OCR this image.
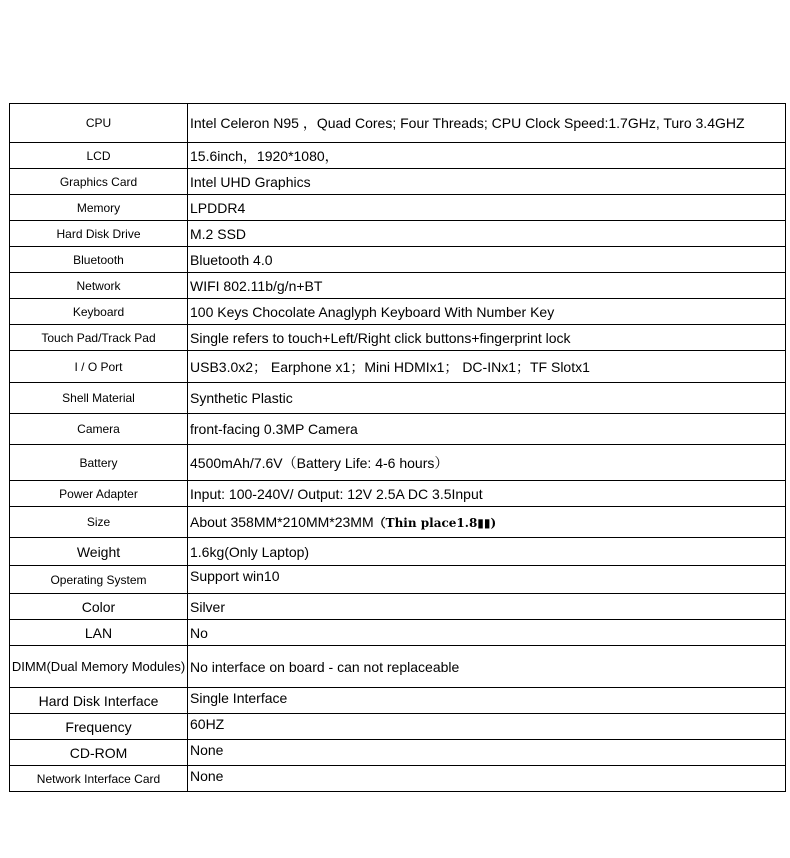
CPU	Intel Celeron N95 ，Quad Cores; Four Threads; CPU Clock Speed:1.7GHz, Turo 3.4GHZ
LCD	15.6inch，1920*1080，
Graphics Card	Intel UHD Graphics
Memory	LPDDR4
Hard Disk Drive	M.2 SSD
Bluetooth	Bluetooth 4.0
Network	WIFI 802.11b/g/n+BT
Keyboard	100 Keys Chocolate Anaglyph Keyboard With Number Key
Touch Pad/Track Pad	Single refers to touch+Left/Right click buttons+fingerprint lock
I / O Port	USB3.0x2； Earphone x1；Mini HDMIx1； DC-INx1；TF Slotx1
Shell Material	Synthetic Plastic
Camera	front-facing 0.3MP Camera
Battery	4500mAh/7.6V（Battery Life: 4-6 hours）
Power Adapter	Input: 100-240V/ Output: 12V 2.5A DC 3.5Input
Size	About 358MM*210MM*23MM（Thin place1.8▮▮)
Weight	1.6kg(Only Laptop)
Operating System	Support win10
Color	Silver
LAN	No
DIMM(Dual Memory Modules)	No interface on board - can not replaceable
Hard Disk Interface	Single Interface
Frequency	60HZ
CD-ROM	None
Network Interface Card	None
